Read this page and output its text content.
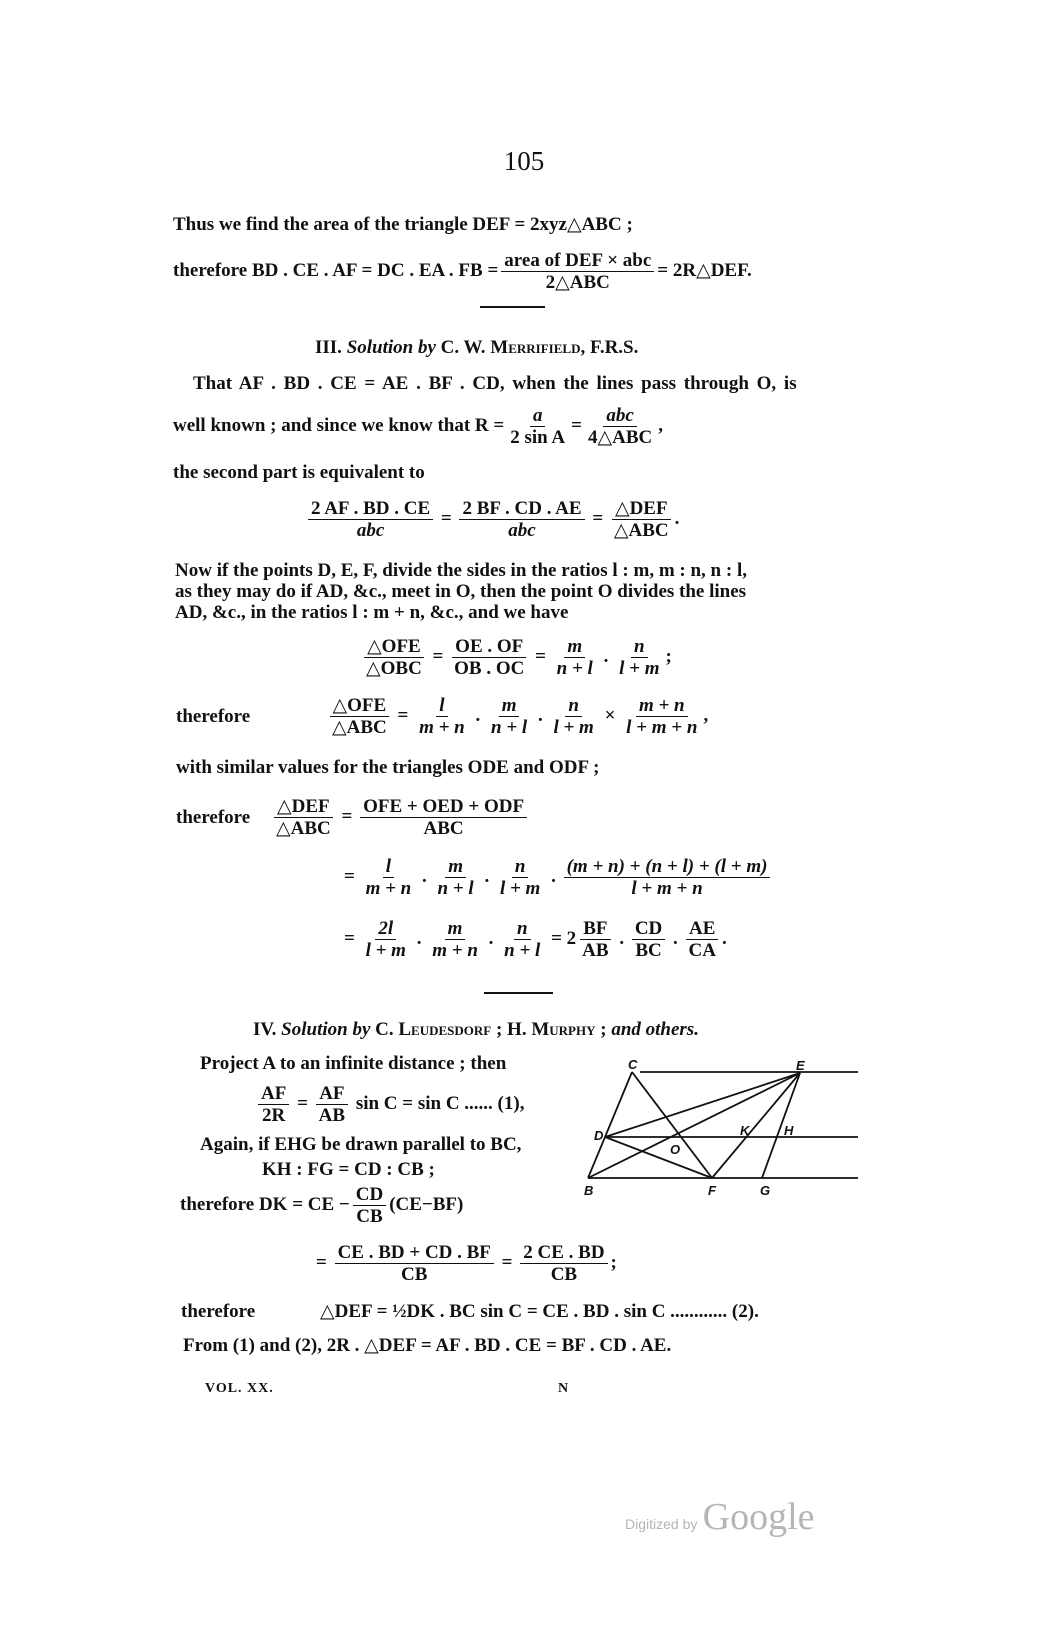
105
Thus we find the area of the triangle DEF = 2xyz△ABC ;
therefore BD . CE . AF = DC . EA . FB = $\frac{\text{area of DEF × abc}}{\text{2△ABC}}$ = 2R△DEF.
III. Solution by C. W. Merrifield, F.R.S.
That AF . BD . CE = AE . BF . CD, when the lines pass through O, is
well known ; and since we know that $R = \frac{a}{\text{2 sin A}} = \frac{\text{abc}}{\text{4△ABC}}$ ,
the second part is equivalent to
$\frac{2 AF . BD . CE}{\text{abc}} = \frac{2 BF . CD . AE}{\text{abc}} = \frac{\text{△DEF}}{\text{△ABC}}$ .
Now if the points D, E, F, divide the sides in the ratios l : m, m : n, n : l,
as they may do if AD, &c., meet in O, then the point O divides the lines
AD, &c., in the ratios l : m + n, &c., and we have
$\frac{\text{△OFE}}{\text{△OBC}} = \frac{OE . OF}{OB . OC} = \frac{m}{n + l}$ . $\frac{n}{l + m}$ ;
therefore	$\frac{\text{△OFE}}{\text{△ABC}} = \frac{l}{m + n}$ . $\frac{m}{n + l}$ . $\frac{n}{l + m} \times \frac{m + n}{l + m + n}$ ,
with similar values for the triangles ODE and ODF ;
therefore $\frac{\text{△DEF}}{\text{△ABC}} = \frac{\text{OFE + OED + ODF}}{\text{ABC}}$
= $\frac{l}{m + n}$ . $\frac{m}{n + l}$ . $\frac{n}{l + m}$ . $\frac{(m + n) + (n + l) + (l + m)}{l + m + n}$
= $\frac{2l}{l + m}$ . $\frac{m}{m + n}$ . $\frac{n}{n + l} = 2 \frac{BF}{AB}$ . $\frac{CD}{BC}$ . $\frac{AE}{CA}$ .
IV. Solution by C. Leudesdorf ; H. Murphy ; and others.
Project A to an infinite distance ; then
$\frac{AF}{2R} = \frac{AF}{AB}$ sin C = sin C ...... (1),
Again, if EHG be drawn parallel to BC,
KH : FG = CD : CB ;
therefore DK = CE − $\frac{CD}{CB} (CE-BF)$
C	E
D
O
K	H
B	F	G
= $\frac{CE . BD + CD . BF}{CB} = \frac{2 CE . BD}{CB}$ ;
therefore	△DEF = ½DK . BC sin C = CE . BD . sin C ............ (2).
From (1) and (2), 2R . △DEF = AF . BD . CE = BF . CD . AE.
VOL. XX.	N
Digitized by Google
